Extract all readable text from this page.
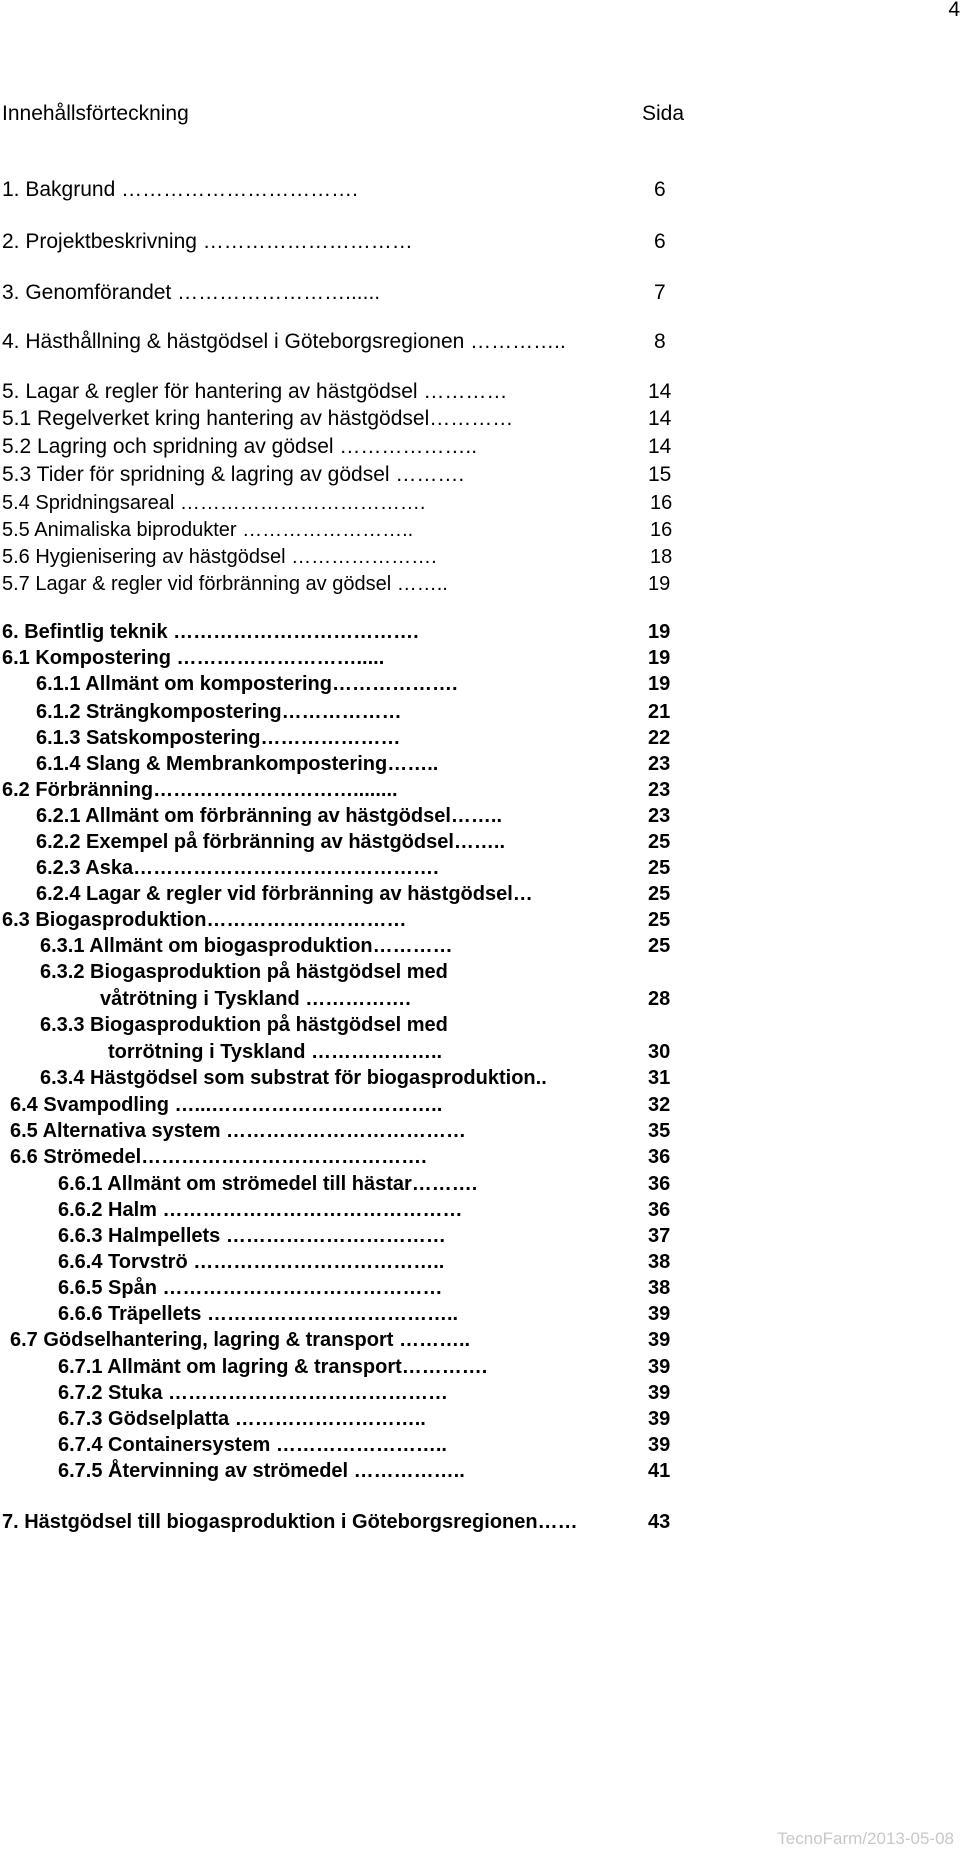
4
Innehållsförteckning	Sida
1. Bakgrund …………………………….	6
2. Projektbeskrivning …………………………	6
3. Genomförandet ……………………......	7
4. Hästhållning & hästgödsel i Göteborgsregionen …………..	8
5. Lagar & regler för hantering av hästgödsel …………	14
5.1 Regelverket kring hantering av hästgödsel…………	14
5.2 Lagring och spridning av gödsel ………………..	14
5.3 Tider för spridning & lagring av gödsel ……….	15
5.4 Spridningsareal ……………………………….	16
5.5 Animaliska biprodukter ……………………..	16
5.6 Hygienisering av hästgödsel ………………….	18
5.7 Lagar & regler vid förbränning av gödsel ……..	19
6. Befintlig teknik ……………………………….	19
6.1 Kompostering ……………………….....	19
6.1.1 Allmänt om kompostering……………….	19
6.1.2 Strängkompostering………………	21
6.1.3 Satskompostering…………………	22
6.1.4 Slang & Membrankompostering……..	23
6.2 Förbränning…………………………........	23
6.2.1 Allmänt om förbränning av hästgödsel……..	23
6.2.2 Exempel på förbränning av hästgödsel……..	25
6.2.3 Aska……………………………………….	25
6.2.4 Lagar & regler vid förbränning av hästgödsel…	25
6.3 Biogasproduktion…………………………	25
6.3.1 Allmänt om biogasproduktion…………	25
6.3.2 Biogasproduktion på hästgödsel med
våtrötning i Tyskland …………….	28
6.3.3 Biogasproduktion på hästgödsel med
torrötning i Tyskland ………………..	30
6.3.4 Hästgödsel som substrat för biogasproduktion..	31
6.4 Svampodling …...……………………………..	32
6.5 Alternativa system ………………………………	35
6.6 Strömedel…………………………………….	36
6.6.1 Allmänt om strömedel till hästar……….	36
6.6.2 Halm ………………………………………	36
6.6.3 Halmpellets ……………………………	37
6.6.4 Torvströ ………………………………..	38
6.6.5 Spån ……………………………………	38
6.6.6 Träpellets ………………………………..	39
6.7 Gödselhantering, lagring & transport ………..	39
6.7.1 Allmänt om lagring & transport………….	39
6.7.2 Stuka ……………………………………	39
6.7.3 Gödselplatta ………………………..	39
6.7.4 Containersystem ……………………..	39
6.7.5 Återvinning av strömedel ……………..	41
7. Hästgödsel till biogasproduktion i Göteborgsregionen……	43
TecnoFarm/2013-05-08
